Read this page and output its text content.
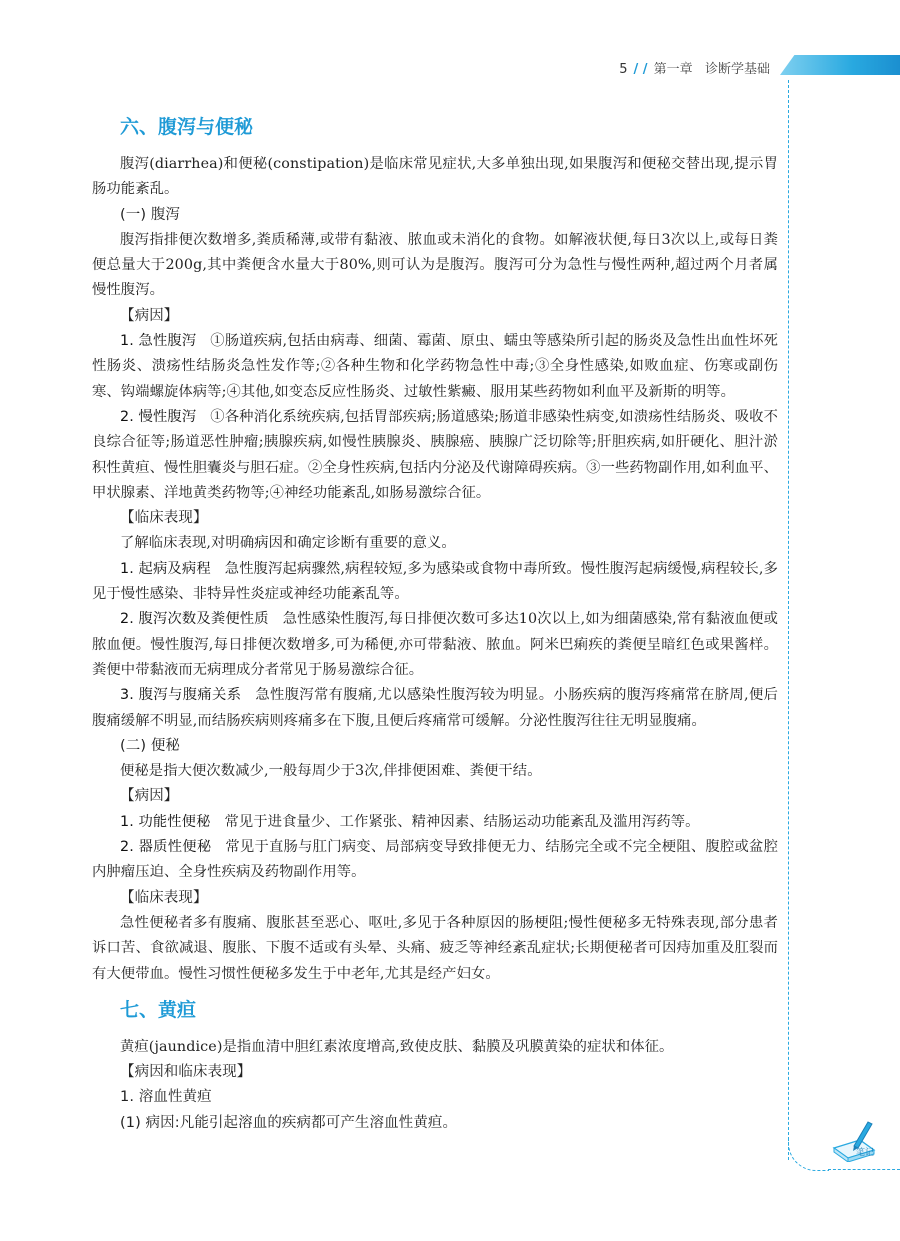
5 / / 第一章 诊断学基础
笔记
六、腹泻与便秘

腹泻(diarrhea)和便秘(constipation)是临床常见症状,大多单独出现,如果腹泻和便秘交替出现,提示胃肠功能紊乱。

(一) 腹泻

腹泻指排便次数增多,粪质稀薄,或带有黏液、脓血或未消化的食物。如解液状便,每日3次以上,或每日粪便总量大于200g,其中粪便含水量大于80%,则可认为是腹泻。腹泻可分为急性与慢性两种,超过两个月者属慢性腹泻。

【病因】

1. 急性腹泻 ①肠道疾病,包括由病毒、细菌、霉菌、原虫、蠕虫等感染所引起的肠炎及急性出血性坏死性肠炎、溃疡性结肠炎急性发作等;②各种生物和化学药物急性中毒;③全身性感染,如败血症、伤寒或副伤寒、钩端螺旋体病等;④其他,如变态反应性肠炎、过敏性紫癜、服用某些药物如利血平及新斯的明等。

2. 慢性腹泻 ①各种消化系统疾病,包括胃部疾病;肠道感染;肠道非感染性病变,如溃疡性结肠炎、吸收不良综合征等;肠道恶性肿瘤;胰腺疾病,如慢性胰腺炎、胰腺癌、胰腺广泛切除等;肝胆疾病,如肝硬化、胆汁淤积性黄疸、慢性胆囊炎与胆石症。②全身性疾病,包括内分泌及代谢障碍疾病。③一些药物副作用,如利血平、甲状腺素、洋地黄类药物等;④神经功能紊乱,如肠易激综合征。

【临床表现】

了解临床表现,对明确病因和确定诊断有重要的意义。

1. 起病及病程 急性腹泻起病骤然,病程较短,多为感染或食物中毒所致。慢性腹泻起病缓慢,病程较长,多见于慢性感染、非特异性炎症或神经功能紊乱等。

2. 腹泻次数及粪便性质 急性感染性腹泻,每日排便次数可多达10次以上,如为细菌感染,常有黏液血便或脓血便。慢性腹泻,每日排便次数增多,可为稀便,亦可带黏液、脓血。阿米巴痢疾的粪便呈暗红色或果酱样。粪便中带黏液而无病理成分者常见于肠易激综合征。

3. 腹泻与腹痛关系 急性腹泻常有腹痛,尤以感染性腹泻较为明显。小肠疾病的腹泻疼痛常在脐周,便后腹痛缓解不明显,而结肠疾病则疼痛多在下腹,且便后疼痛常可缓解。分泌性腹泻往往无明显腹痛。

(二) 便秘

便秘是指大便次数减少,一般每周少于3次,伴排便困难、粪便干结。

【病因】

1. 功能性便秘 常见于进食量少、工作紧张、精神因素、结肠运动功能紊乱及滥用泻药等。

2. 器质性便秘 常见于直肠与肛门病变、局部病变导致排便无力、结肠完全或不完全梗阻、腹腔或盆腔内肿瘤压迫、全身性疾病及药物副作用等。

【临床表现】

急性便秘者多有腹痛、腹胀甚至恶心、呕吐,多见于各种原因的肠梗阻;慢性便秘多无特殊表现,部分患者诉口苦、食欲减退、腹胀、下腹不适或有头晕、头痛、疲乏等神经紊乱症状;长期便秘者可因痔加重及肛裂而有大便带血。慢性习惯性便秘多发生于中老年,尤其是经产妇女。

七、黄疸

黄疸(jaundice)是指血清中胆红素浓度增高,致使皮肤、黏膜及巩膜黄染的症状和体征。

【病因和临床表现】

1. 溶血性黄疸

(1) 病因:凡能引起溶血的疾病都可产生溶血性黄疸。
